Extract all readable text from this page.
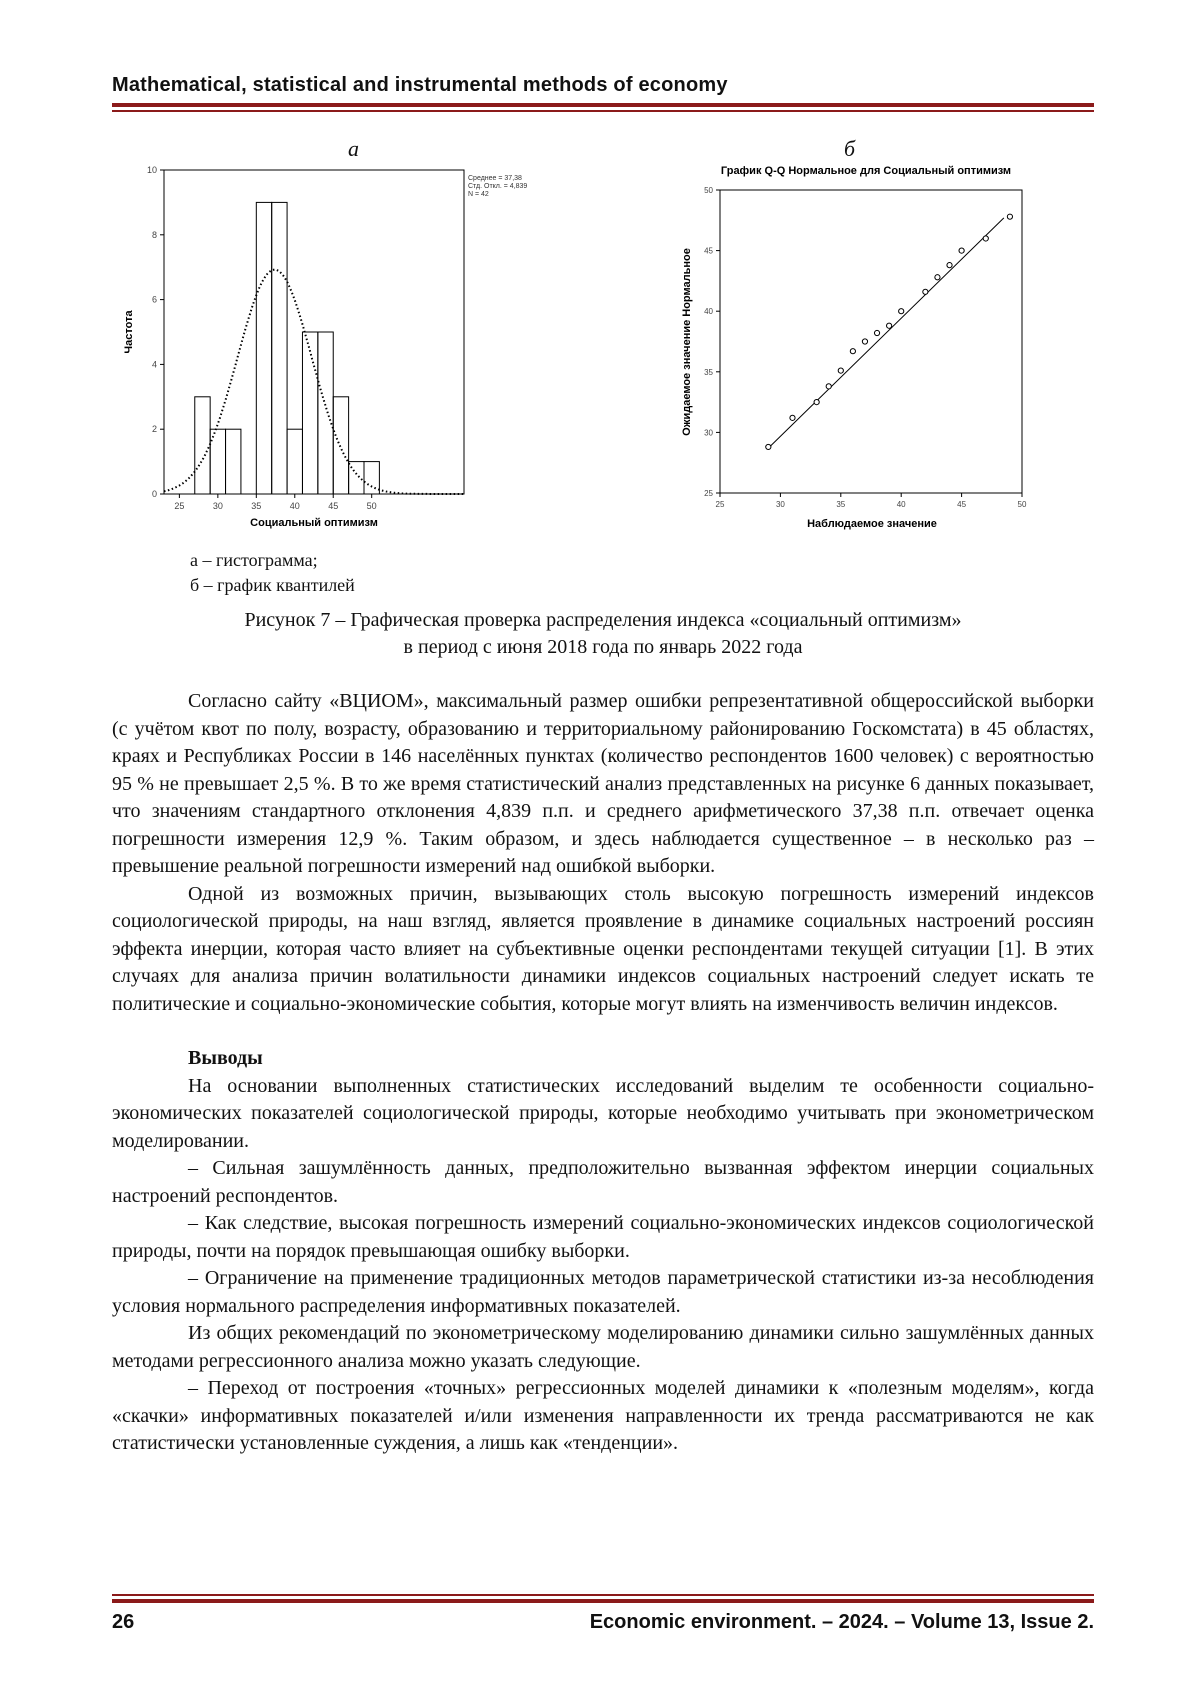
Mathematical, statistical and instrumental methods of economy
а	б
25	30	35	40	45	50
0
2
4
6
8
10
Среднее = 37,38
Стд. Откл. = 4,839
N = 42
Частота
Социальный оптимизм
График Q-Q Нормальное для Социальный оптимизм
25	30	35	40	45	50
25
30
35
40
45
50
Ожидаемое значение Нормальное
Наблюдаемое значение
а – гистограмма;
б – график квантилей
Рисунок 7 – Графическая проверка распределения индекса «социальный оптимизм»
в период с июня 2018 года по январь 2022 года

Согласно сайту «ВЦИОМ», максимальный размер ошибки репрезентативной общероссийской выборки (с учётом квот по полу, возрасту, образованию и территориальному районированию Госкомстата) в 45 областях, краях и Республиках России в 146 населённых пунктах (количество респондентов 1600 человек) с вероятностью 95 % не превышает 2,5 %. В то же время статистический анализ представленных на рисунке 6 данных показывает, что значениям стандартного отклонения 4,839 п.п. и среднего арифметического 37,38 п.п. отвечает оценка погрешности измерения 12,9 %. Таким образом, и здесь наблюдается существенное – в несколько раз – превышение реальной погрешности измерений над ошибкой выборки.

Одной из возможных причин, вызывающих столь высокую погрешность измерений индексов социологической природы, на наш взгляд, является проявление в динамике социальных настроений россиян эффекта инерции, которая часто влияет на субъективные оценки респондентами текущей ситуации [1]. В этих случаях для анализа причин волатильности динамики индексов социальных настроений следует искать те политические и социально-экономические события, которые могут влиять на изменчивость величин индексов.

Выводы

На основании выполненных статистических исследований выделим те особенности социально-экономических показателей социологической природы, которые необходимо учитывать при эконометрическом моделировании.

– Сильная зашумлённость данных, предположительно вызванная эффектом инерции социальных настроений респондентов.

– Как следствие, высокая погрешность измерений социально-экономических индексов социологической природы, почти на порядок превышающая ошибку выборки.

– Ограничение на применение традиционных методов параметрической статистики из-за несоблюдения условия нормального распределения информативных показателей.

Из общих рекомендаций по эконометрическому моделированию динамики сильно зашумлённых данных методами регрессионного анализа можно указать следующие.

– Переход от построения «точных» регрессионных моделей динамики к «полезным моделям», когда «скачки» информативных показателей и/или изменения направленности их тренда рассматриваются не как статистически установленные суждения, а лишь как «тенденции».

26	Economic environment. – 2024. – Volume 13, Issue 2.
